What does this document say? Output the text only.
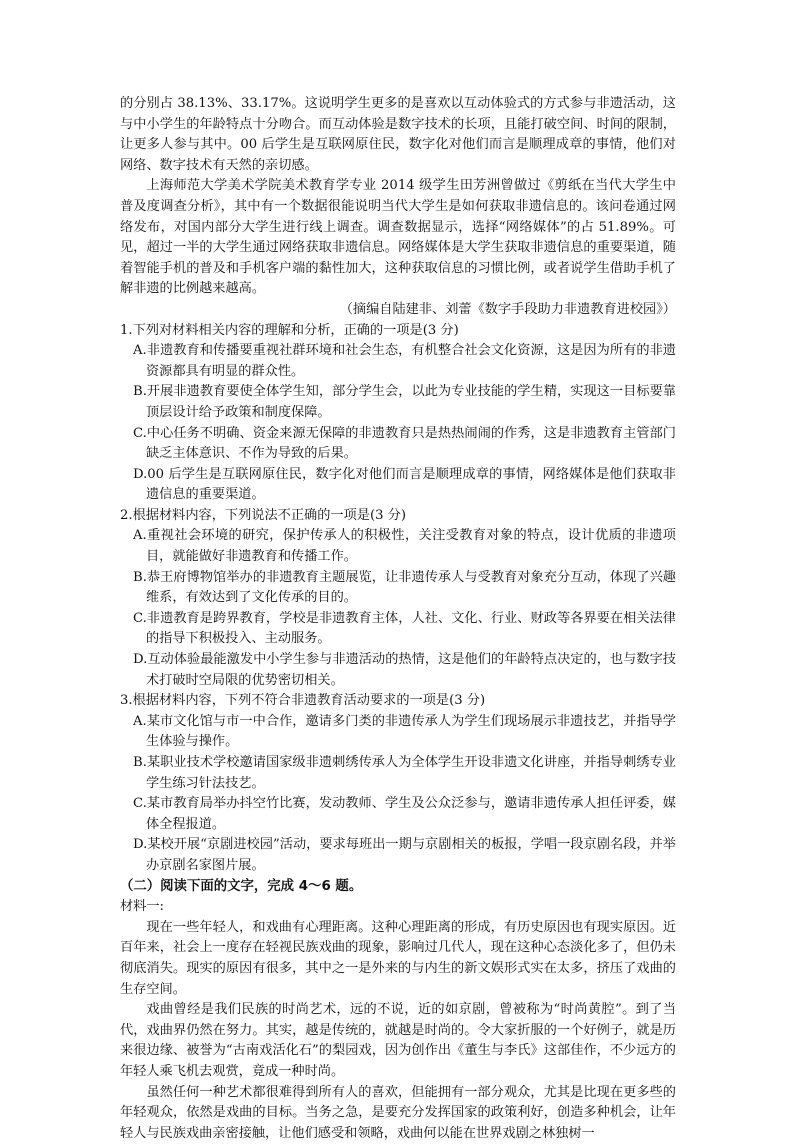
的分别占 38.13%、33.17%。这说明学生更多的是喜欢以互动体验式的方式参与非遗活动，这与中小学生的年龄特点十分吻合。而互动体验是数字技术的长项，且能打破空间、时间的限制，让更多人参与其中。00 后学生是互联网原住民，数字化对他们而言是顺理成章的事情，他们对网络、数字技术有天然的亲切感。

上海师范大学美术学院美术教育学专业 2014 级学生田芳洲曾做过《剪纸在当代大学生中普及度调查分析》，其中有一个数据很能说明当代大学生是如何获取非遗信息的。该问卷通过网络发布，对国内部分大学生进行线上调查。调查数据显示，选择“网络媒体”的占 51.89%。可见，超过一半的大学生通过网络获取非遗信息。网络媒体是大学生获取非遗信息的重要渠道，随着智能手机的普及和手机客户端的黏性加大，这种获取信息的习惯比例，或者说学生借助手机了解非遗的比例越来越高。

（摘编自陆建非、刘蕾《数字手段助力非遗教育进校园》）

1.下列对材料相关内容的理解和分析，正确的一项是(3 分)

A.非遗教育和传播要重视社群环境和社会生态，有机整合社会文化资源，这是因为所有的非遗资源都具有明显的群众性。

B.开展非遗教育要使全体学生知，部分学生会，以此为专业技能的学生精，实现这一目标要靠顶层设计给予政策和制度保障。

C.中心任务不明确、资金来源无保障的非遗教育只是热热闹闹的作秀，这是非遗教育主管部门缺乏主体意识、不作为导致的后果。

D.00 后学生是互联网原住民，数字化对他们而言是顺理成章的事情，网络媒体是他们获取非遗信息的重要渠道。

2.根据材料内容，下列说法不正确的一项是(3 分)

A.重视社会环境的研究，保护传承人的积极性，关注受教育对象的特点，设计优质的非遗项目，就能做好非遗教育和传播工作。

B.恭王府博物馆举办的非遗教育主题展览，让非遗传承人与受教育对象充分互动，体现了兴趣维系，有效达到了文化传承的目的。

C.非遗教育是跨界教育，学校是非遗教育主体，人社、文化、行业、财政等各界要在相关法律的指导下积极投入、主动服务。

D.互动体验最能激发中小学生参与非遗活动的热情，这是他们的年龄特点决定的，也与数字技术打破时空局限的优势密切相关。

3.根据材料内容，下列不符合非遗教育活动要求的一项是(3 分)

A.某市文化馆与市一中合作，邀请多门类的非遗传承人为学生们现场展示非遗技艺，并指导学生体验与操作。

B.某职业技术学校邀请国家级非遗刺绣传承人为全体学生开设非遗文化讲座，并指导刺绣专业学生练习针法技艺。

C.某市教育局举办抖空竹比赛，发动教师、学生及公众泛参与，邀请非遗传承人担任评委，媒体全程报道。

D.某校开展“京剧进校园”活动，要求每班出一期与京剧相关的板报，学唱一段京剧名段，并举办京剧名家图片展。

（二）阅读下面的文字，完成 4～6 题。

材料一:

现在一些年轻人，和戏曲有心理距离。这种心理距离的形成，有历史原因也有现实原因。近百年来，社会上一度存在轻视民族戏曲的现象，影响过几代人，现在这种心态淡化多了，但仍未彻底消失。现实的原因有很多，其中之一是外来的与内生的新文娱形式实在太多，挤压了戏曲的生存空间。

戏曲曾经是我们民族的时尚艺术，远的不说，近的如京剧，曾被称为“时尚黄腔”。到了当代，戏曲界仍然在努力。其实，越是传统的，就越是时尚的。令大家折服的一个好例子，就是历来很边缘、被誉为“古南戏活化石”的梨园戏，因为创作出《董生与李氏》这部佳作，不少远方的年轻人乘飞机去观赏，竟成一种时尚。

虽然任何一种艺术都很难得到所有人的喜欢，但能拥有一部分观众，尤其是比现在更多些的年轻观众，依然是戏曲的目标。当务之急，是要充分发挥国家的政策利好，创造多种机会，让年轻人与民族戏曲亲密接触，让他们感受和领略，戏曲何以能在世界戏剧之林独树一
